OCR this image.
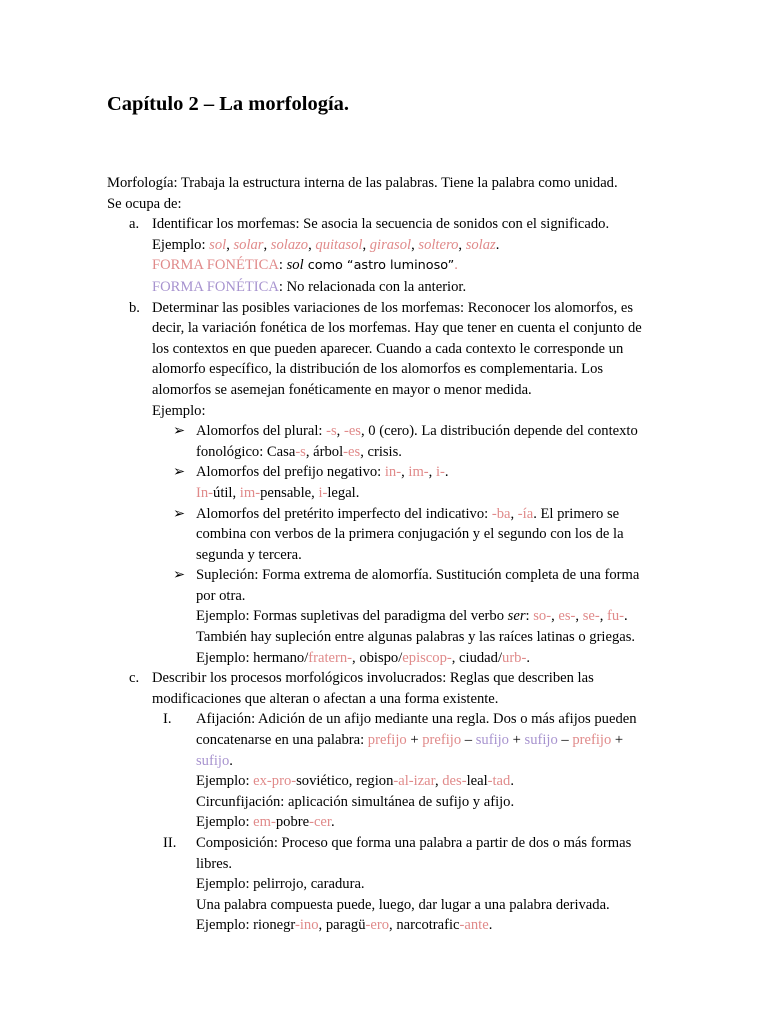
Capítulo 2 – La morfología.
Morfología: Trabaja la estructura interna de las palabras. Tiene la palabra como unidad.
Se ocupa de:
a. Identificar los morfemas: Se asocia la secuencia de sonidos con el significado.
Ejemplo: sol, solar, solazo, quitasol, girasol, soltero, solaz.
FORMA FONÉTICA: sol como “astro luminoso”.
FORMA FONÉTICA: No relacionada con la anterior.
b. Determinar las posibles variaciones de los morfemas: Reconocer los alomorfos, es
decir, la variación fonética de los morfemas. Hay que tener en cuenta el conjunto de
los contextos en que pueden aparecer. Cuando a cada contexto le corresponde un
alomorfo específico, la distribución de los alomorfos es complementaria. Los
alomorfos se asemejan fonéticamente en mayor o menor medida.
Ejemplo:
➢ Alomorfos del plural: -s, -es, 0 (cero). La distribución depende del contexto
fonológico: Casa-s, árbol-es, crisis.
➢ Alomorfos del prefijo negativo: in-, im-, i-.
In-útil, im-pensable, i-legal.
➢ Alomorfos del pretérito imperfecto del indicativo: -ba, -ía. El primero se
combina con verbos de la primera conjugación y el segundo con los de la
segunda y tercera.
➢ Supleción: Forma extrema de alomorfía. Sustitución completa de una forma
por otra.
Ejemplo: Formas supletivas del paradigma del verbo ser: so-, es-, se-, fu-.
También hay supleción entre algunas palabras y las raíces latinas o griegas.
Ejemplo: hermano/fratern-, obispo/episcop-, ciudad/urb-.
c. Describir los procesos morfológicos involucrados: Reglas que describen las
modificaciones que alteran o afectan a una forma existente.
I. Afijación: Adición de un afijo mediante una regla. Dos o más afijos pueden
concatenarse en una palabra: prefijo + prefijo – sufijo + sufijo – prefijo +
sufijo.
Ejemplo: ex-pro-soviético, region-al-izar, des-leal-tad.
Circunfijación: aplicación simultánea de sufijo y afijo.
Ejemplo: em-pobre-cer.
II. Composición: Proceso que forma una palabra a partir de dos o más formas
libres.
Ejemplo: pelirrojo, caradura.
Una palabra compuesta puede, luego, dar lugar a una palabra derivada.
Ejemplo: rionegr-ino, paragü-ero, narcotrafic-ante.
